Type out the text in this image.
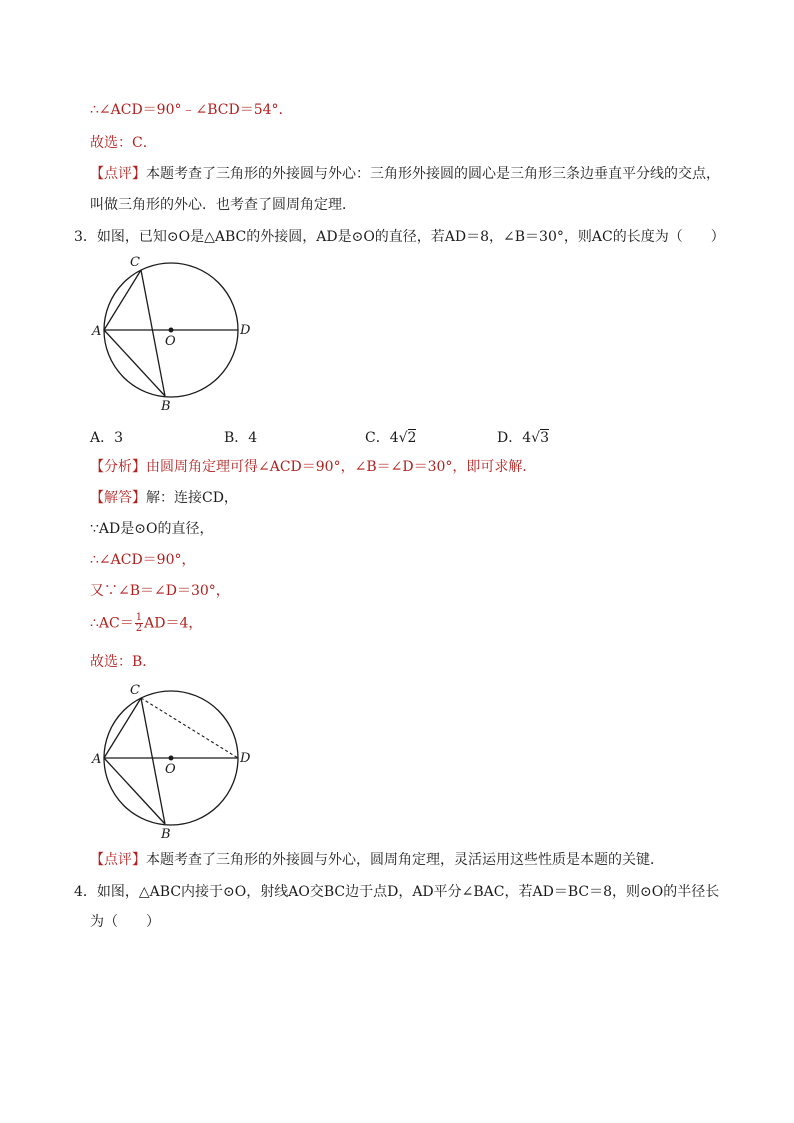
∴∠ACD＝90°﹣∠BCD＝54°．
故选：C．
【点评】本题考查了三角形的外接圆与外心：三角形外接圆的圆心是三角形三条边垂直平分线的交点，
叫做三角形的外心．也考查了圆周角定理．
3．如图，已知⊙O是△ABC的外接圆，AD是⊙O的直径，若AD＝8，∠B＝30°，则AC的长度为（　　）
C
A
O
D
B
A．3	B．4	C．4√2	D．4√3
【分析】由圆周角定理可得∠ACD＝90°，∠B＝∠D＝30°，即可求解．
【解答】解：连接CD，
∵AD是⊙O的直径，
∴∠ACD＝90°，
又∵∠B＝∠D＝30°，
∴AC＝ $\frac{1}{2} AD=4$，
故选：B．
C
A
O
D
B
【点评】本题考查了三角形的外接圆与外心，圆周角定理，灵活运用这些性质是本题的关键．
4．如图，△ABC内接于⊙O，射线AO交BC边于点D，AD平分∠BAC，若AD＝BC＝8，则⊙O的半径长
为（　　）
